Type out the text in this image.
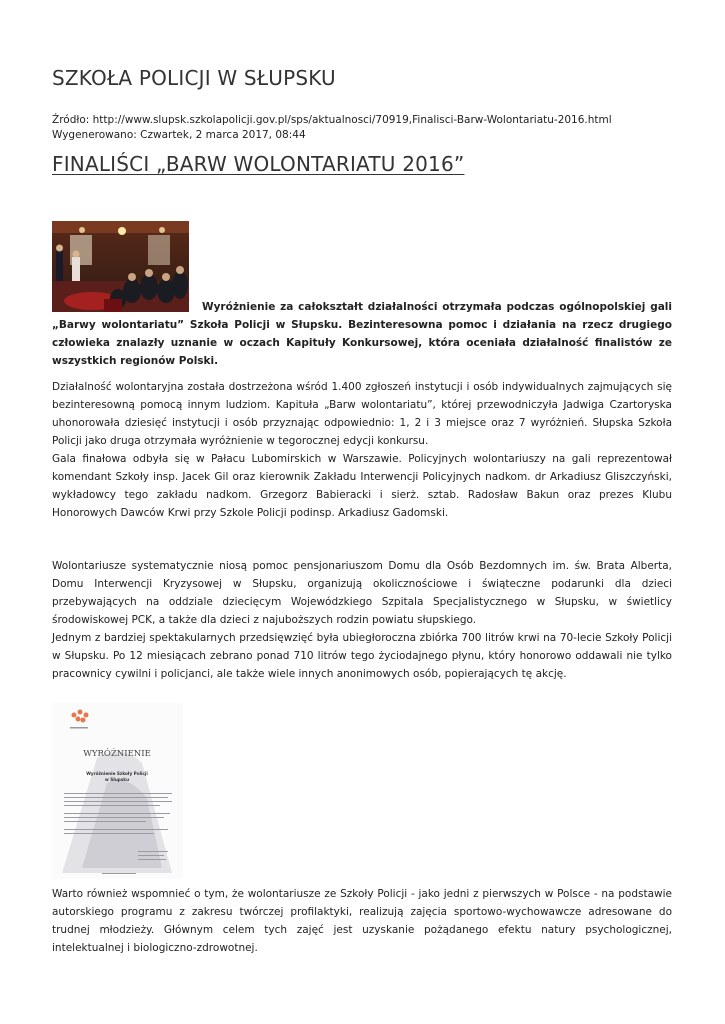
SZKOŁA POLICJI W SŁUPSKU
Źródło: http://www.slupsk.szkolapolicji.gov.pl/sps/aktualnosci/70919,Finalisci-Barw-Wolontariatu-2016.html
Wygenerowano: Czwartek, 2 marca 2017, 08:44
FINALIŚCI „BARW WOLONTARIATU 2016”

Wyróżnienie za całokształt działalności otrzymała podczas ogólnopolskiej gali „Barwy wolontariatu” Szkoła Policji w Słupsku. Bezinteresowna pomoc i działania na rzecz drugiego człowieka znalazły uznanie w oczach Kapituły Konkursowej, która oceniała działalność finalistów ze wszystkich regionów Polski.

Działalność wolontaryjna została dostrzeżona wśród 1.400 zgłoszeń instytucji i osób indywidualnych zajmujących się bezinteresowną pomocą innym ludziom. Kapituła „Barw wolontariatu”, której przewodniczyła Jadwiga Czartoryska uhonorowała dziesięć instytucji i osób przyznając odpowiednio: 1, 2 i 3 miejsce oraz 7 wyróżnień. Słupska Szkoła Policji jako druga otrzymała wyróżnienie w tegorocznej edycji konkursu.

Gala finałowa odbyła się w Pałacu Lubomirskich w Warszawie. Policyjnych wolontariuszy na gali reprezentował komendant Szkoły insp. Jacek Gil oraz kierownik Zakładu Interwencji Policyjnych nadkom. dr Arkadiusz Gliszczyński, wykładowcy tego zakładu nadkom. Grzegorz Babieracki i sierż. sztab. Radosław Bakun oraz prezes Klubu Honorowych Dawców Krwi przy Szkole Policji podinsp. Arkadiusz Gadomski.

Wolontariusze systematycznie niosą pomoc pensjonariuszom Domu dla Osób Bezdomnych im. św. Brata Alberta, Domu Interwencji Kryzysowej w Słupsku, organizują okolicznościowe i świąteczne podarunki dla dzieci przebywających na oddziale dziecięcym Wojewódzkiego Szpitala Specjalistycznego w Słupsku, w świetlicy środowiskowej PCK, a także dla dzieci z najuboższych rodzin powiatu słupskiego.

Jednym z bardziej spektakularnych przedsięwzięć była ubiegłoroczna zbiórka 700 litrów krwi na 70-lecie Szkoły Policji w Słupsku. Po 12 miesiącach zebrano ponad 710 litrów tego życiodajnego płynu, który honorowo oddawali nie tylko pracownicy cywilni i policjanci, ale także wiele innych anonimowych osób, popierających tę akcję.

WYRÓŻNIENIE
Wyróżnienie Szkoły Policji
w Słupsku

Warto również wspomnieć o tym, że wolontariusze ze Szkoły Policji - jako jedni z pierwszych w Polsce - na podstawie autorskiego programu z zakresu twórczej profilaktyki, realizują zajęcia sportowo-wychowawcze adresowane do trudnej młodzieży. Głównym celem tych zajęć jest uzyskanie pożądanego efektu natury psychologicznej, intelektualnej i biologiczno-zdrowotnej.
